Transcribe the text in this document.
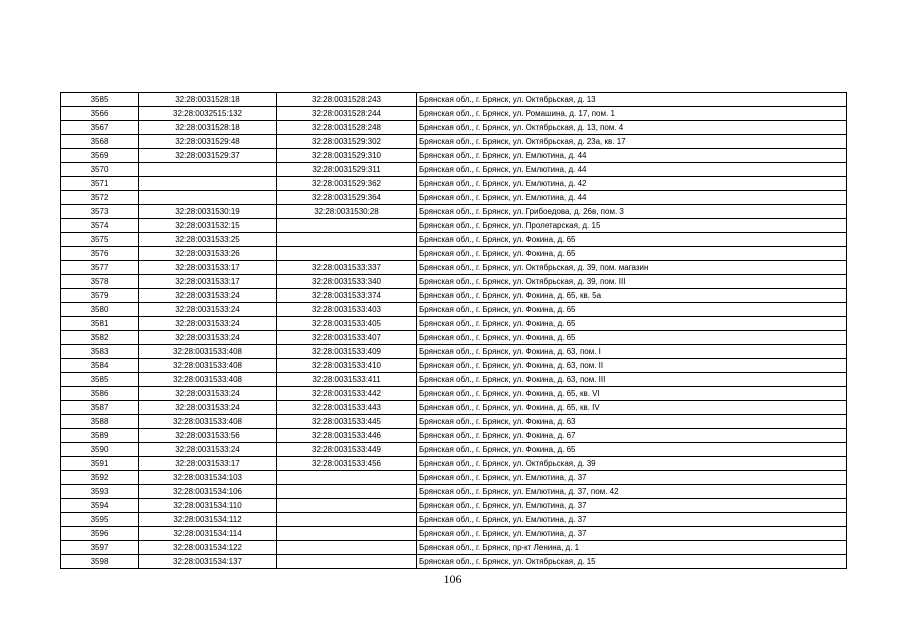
3585	32:28:0031528:18	32:28:0031528:243	Брянская обл., г. Брянск, ул. Октябрьская, д. 13
3566	32:28:0032515:132	32:28:0031528:244	Брянская обл., г. Брянск, ул. Ромашина, д. 17, пом. 1
3567	32:28:0031528:18	32:28:0031528:248	Брянская обл., г. Брянск, ул. Октябрьская, д. 13, пом. 4
3568	32:28:0031529:48	32:28:0031529:302	Брянская обл., г. Брянск, ул. Октябрьская, д. 23а, кв. 17
3569	32:28:0031529:37	32:28:0031529:310	Брянская обл., г. Брянск, ул. Емлютина, д. 44
3570		32:28:0031529:311	Брянская обл., г. Брянск, ул. Емлютина, д. 44
3571		32:28:0031529:362	Брянская обл., г. Брянск, ул. Емлютина, д. 42
3572		32:28:0031529:364	Брянская обл., г. Брянск, ул. Емлютина, д. 44
3573	32:28:0031530:19	32:28:0031530:28	Брянская обл., г. Брянск, ул. Грибоедова, д. 26в, пом. 3
3574	32:28:0031532:15		Брянская обл., г. Брянск, ул. Пролетарская, д. 15
3575	32:28:0031533:25		Брянская обл., г. Брянск, ул. Фокина, д. 65
3576	32:28:0031533:26		Брянская обл., г. Брянск, ул. Фокина, д. 65
3577	32:28:0031533:17	32:28:0031533:337	Брянская обл., г. Брянск, ул. Октябрьская, д. 39, пом. магазин
3578	32:28:0031533:17	32:28:0031533:340	Брянская обл., г. Брянск, ул. Октябрьская, д. 39, пом. III
3579	32:28:0031533:24	32:28:0031533:374	Брянская обл., г. Брянск, ул. Фокина, д. 65, кв. 5а
3580	32:28:0031533:24	32:28:0031533:403	Брянская обл., г. Брянск, ул. Фокина, д. 65
3581	32:28:0031533:24	32:28:0031533:405	Брянская обл., г. Брянск, ул. Фокина, д. 65
3582	32:28:0031533:24	32:28:0031533:407	Брянская обл., г. Брянск, ул. Фокина, д. 65
3583	32:28:0031533:408	32:28:0031533:409	Брянская обл., г. Брянск, ул. Фокина, д. 63, пом. I
3584	32:28:0031533:408	32:28:0031533:410	Брянская обл., г. Брянск, ул. Фокина, д. 63, пом. II
3585	32:28:0031533:408	32:28:0031533:411	Брянская обл., г. Брянск, ул. Фокина, д. 63, пом. III
3586	32:28:0031533:24	32:28:0031533:442	Брянская обл., г. Брянск, ул. Фокина, д. 65, кв. VI
3587	32:28:0031533:24	32:28:0031533:443	Брянская обл., г. Брянск, ул. Фокина, д. 65, кв. IV
3588	32:28:0031533:408	32:28:0031533:445	Брянская обл., г. Брянск, ул. Фокина, д. 63
3589	32:28:0031533:56	32:28:0031533:446	Брянская обл., г. Брянск, ул. Фокина, д. 67
3590	32:28:0031533:24	32:28:0031533:449	Брянская обл., г. Брянск, ул. Фокина, д. 65
3591	32:28:0031533:17	32:28:0031533:456	Брянская обл., г. Брянск, ул. Октябрьская, д. 39
3592	32:28:0031534:103		Брянская обл., г. Брянск, ул. Емлютина, д. 37
3593	32:28:0031534:106		Брянская обл., г. Брянск, ул. Емлютина, д. 37, пом. 42
3594	32:28:0031534:110		Брянская обл., г. Брянск, ул. Емлютина, д. 37
3595	32:28:0031534:112		Брянская обл., г. Брянск, ул. Емлютина, д. 37
3596	32:28:0031534:114		Брянская обл., г. Брянск, ул. Емлютина, д. 37
3597	32:28:0031534:122		Брянская обл., г. Брянск, пр-кт Ленина, д. 1
3598	32:28:0031534:137		Брянская обл., г. Брянск, ул. Октябрьская, д. 15
106
